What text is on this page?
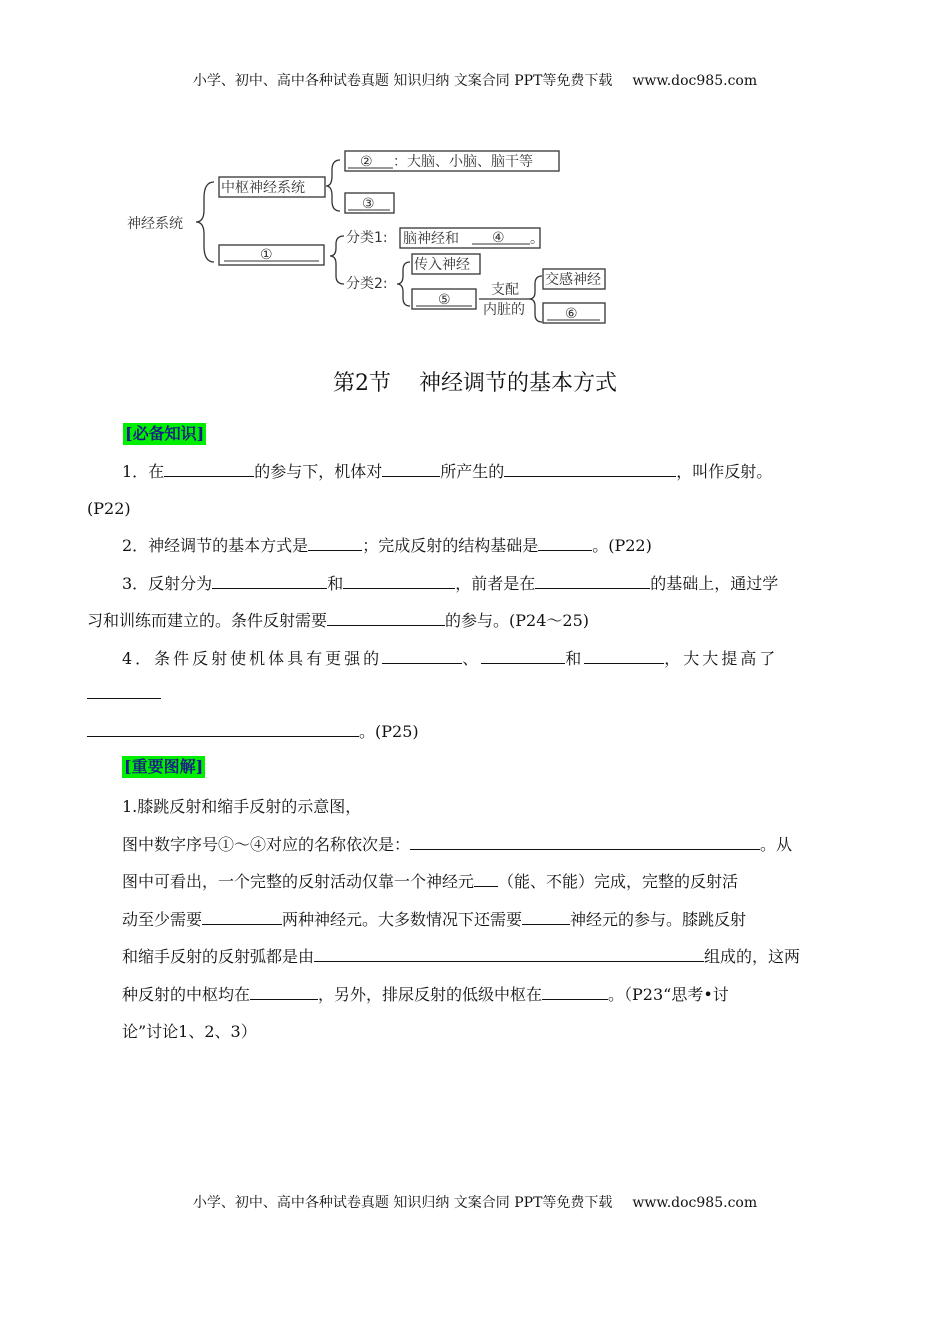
小学、初中、高中各种试卷真题 知识归纳 文案合同 PPT等免费下载 www.doc985.com
神经系统
中枢神经系统
② ：大脑、小脑、脑干等
③
①
分类1: 脑神经和 ④ 。
分类2:
传入神经
⑤
支配
内脏的
交感神经
⑥
第2节    神经调节的基本方式
[必备知识]
1．在	的参与下，机体对	所产生的	，叫作反射。
(P22)
2．神经调节的基本方式是	；完成反射的结构基础是	。(P22)
3．反射分为	和	，前者是在	的基础上，通过学
习和训练而建立的。条件反射需要	的参与。(P24～25)
4．条件反射使机体具有更强的	、	和	，大大提高了
。(P25)
[重要图解]
1.膝跳反射和缩手反射的示意图，
图中数字序号①～④对应的名称依次是：	。从
图中可看出，一个完整的反射活动仅靠一个神经元 （能、不能）完成，完整的反射活
动至少需要	两种神经元。大多数情况下还需要	神经元的参与。膝跳反射
和缩手反射的反射弧都是由	组成的，这两
种反射的中枢均在	，另外，排尿反射的低级中枢在	。（P23“思考•讨
论”讨论1、2、3）
小学、初中、高中各种试卷真题 知识归纳 文案合同 PPT等免费下载 www.doc985.com
